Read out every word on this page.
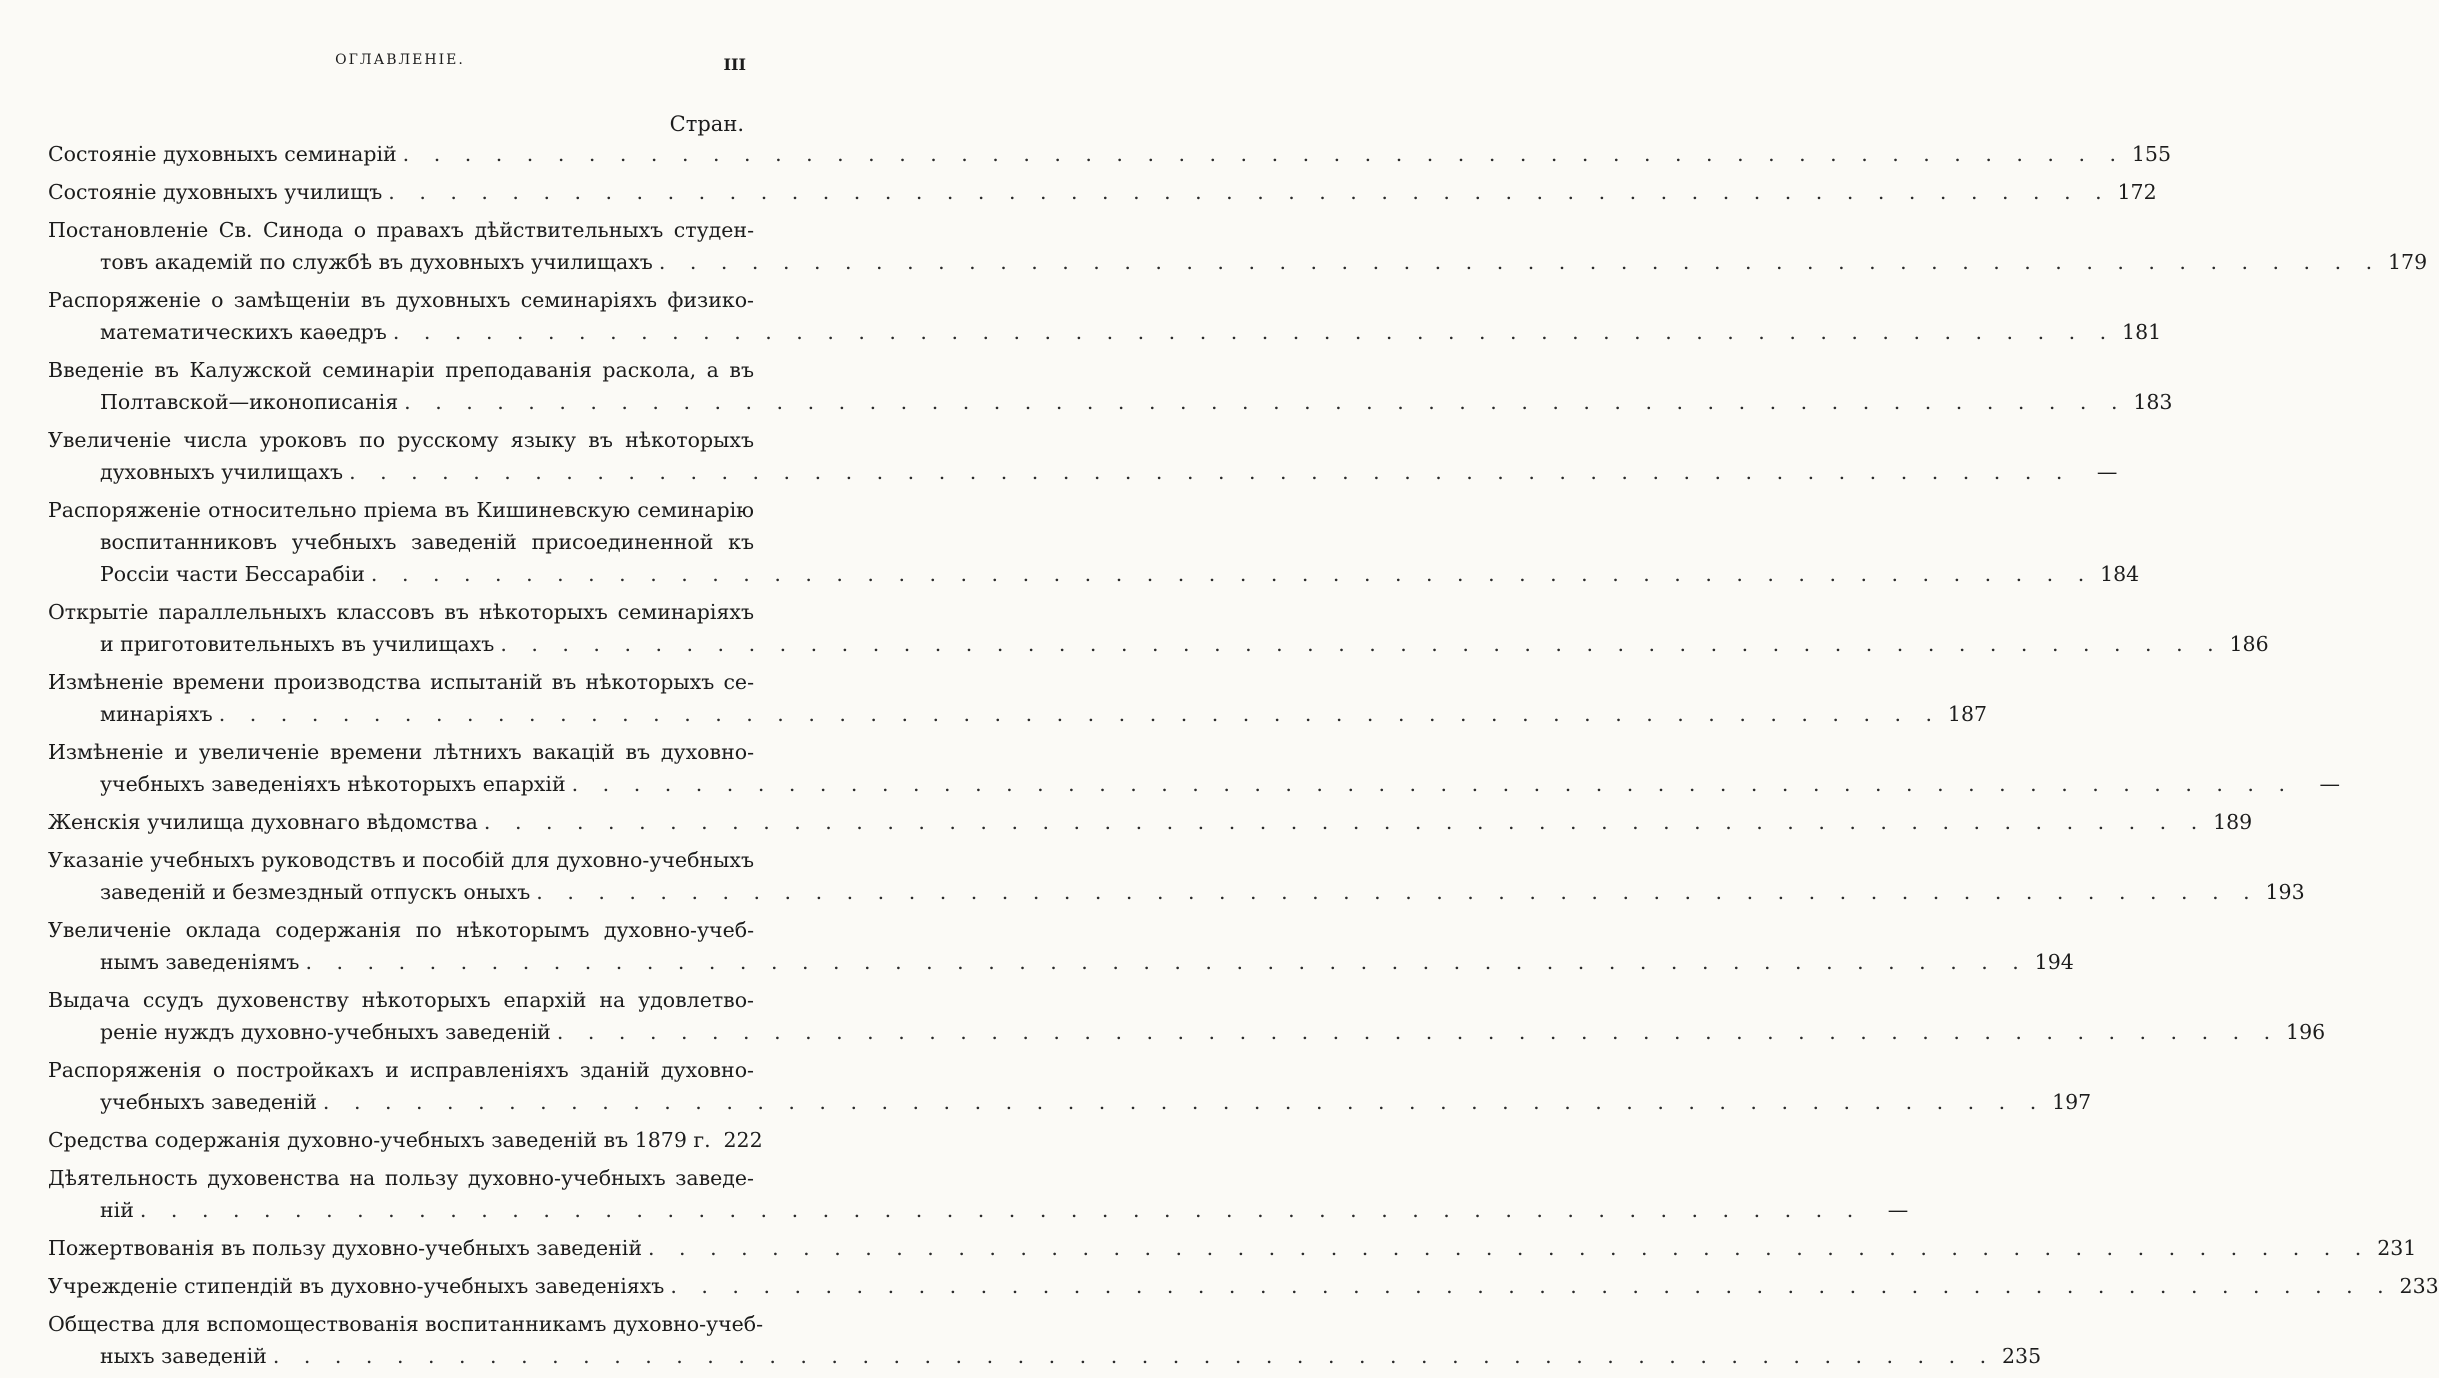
ОГЛАВЛЕНІЕ.	III
Стран.
Состояніе духовныхъ семинарій . . .	155
Состояніе духовныхъ училищъ . . .	172
Постановленіе Св. Синода о правахъ дѣйствительныхъ студен-
товъ академій по службѣ въ духовныхъ училищахъ . . .	179
Распоряженіе о замѣщеніи въ духовныхъ семинаріяхъ физико-
математическихъ каѳедръ . . .	181
Введеніе въ Калужской семинаріи преподаванія раскола, а въ
Полтавской—иконописанія . . .	183
Увеличеніе числа уроковъ по русскому языку въ нѣкоторыхъ
духовныхъ училищахъ . . .	—
Распоряженіе относительно пріема въ Кишиневскую семинарію
воспитанниковъ учебныхъ заведеній присоединенной къ
Россіи части Бессарабіи . . .	184
Открытіе параллельныхъ классовъ въ нѣкоторыхъ семинаріяхъ
и приготовительныхъ въ училищахъ . . .	186
Измѣненіе времени производства испытаній въ нѣкоторыхъ се-
минаріяхъ . . .	187
Измѣненіе и увеличеніе времени лѣтнихъ вакацій въ духовно-
учебныхъ заведеніяхъ нѣкоторыхъ епархій . . .	—
Женскія училища духовнаго вѣдомства . . .	189
Указаніе учебныхъ руководствъ и пособій для духовно-учебныхъ
заведеній и безмездный отпускъ оныхъ . . .	193
Увеличеніе оклада содержанія по нѣкоторымъ духовно-учеб-
нымъ заведеніямъ . . .	194
Выдача ссудъ духовенству нѣкоторыхъ епархій на удовлетво-
реніе нуждъ духовно-учебныхъ заведеній . . .	196
Распоряженія о постройкахъ и исправленіяхъ зданій духовно-
учебныхъ заведеній . . .	197
Средства содержанія духовно-учебныхъ заведеній въ 1879 г. 222
Дѣятельность духовенства на пользу духовно-учебныхъ заведе-
ній . . .	—
Пожертвованія въ пользу духовно-учебныхъ заведеній . . .	231
Учрежденіе стипендій въ духовно-учебныхъ заведеніяхъ . . .	233
Общества для вспомоществованія воспитанникамъ духовно-учеб-
ныхъ заведеній . . .	235
